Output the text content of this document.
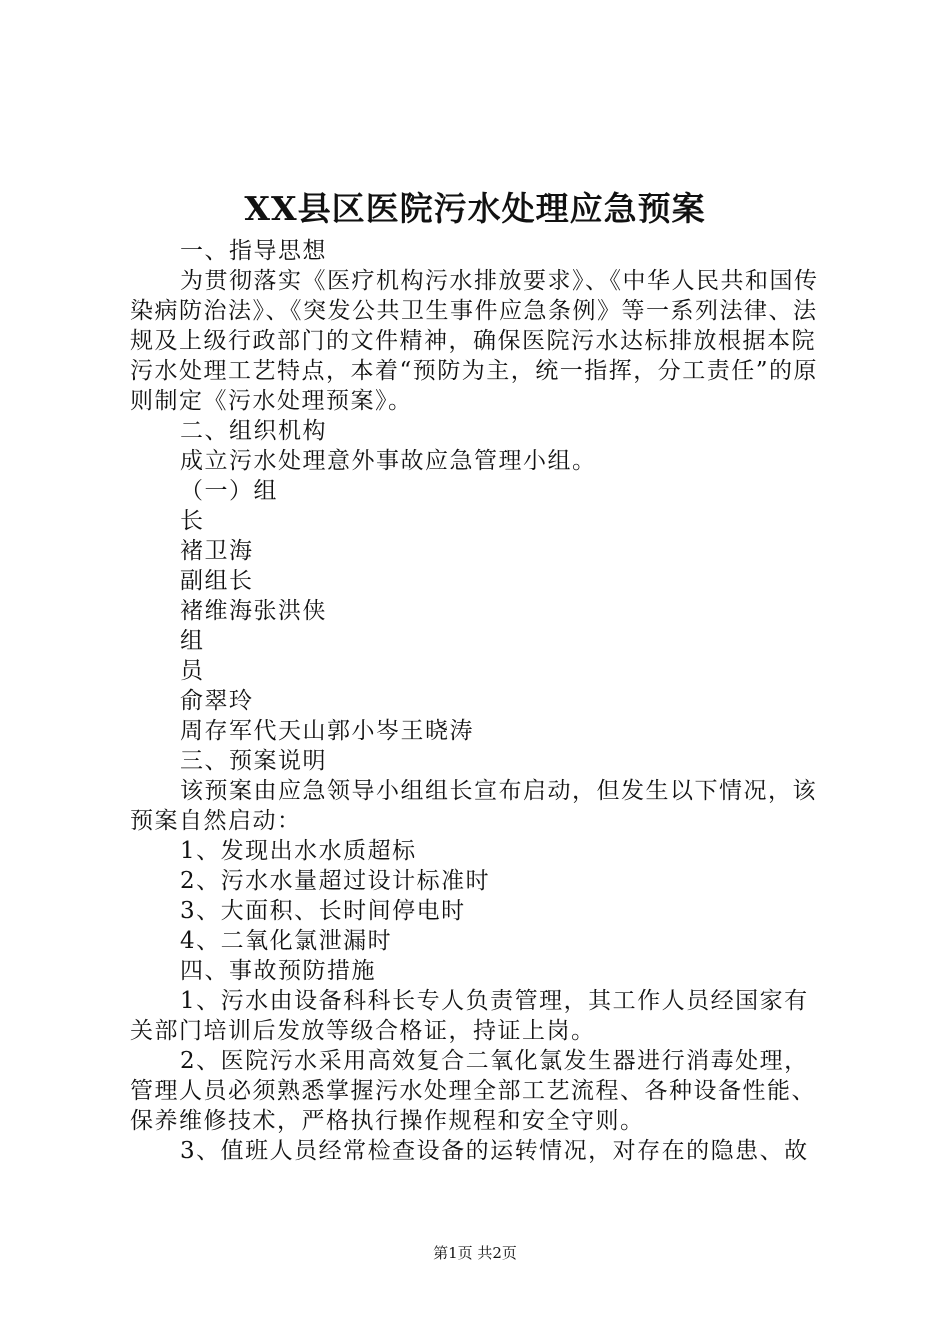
XX县区医院污水处理应急预案

一、指导思想

为贯彻落实《医疗机构污水排放要求》、《中华人民共和国传染病防治法》、《突发公共卫生事件应急条例》等一系列法律、法规及上级行政部门的文件精神，确保医院污水达标排放根据本院污水处理工艺特点，本着“预防为主，统一指挥，分工责任”的原则制定《污水处理预案》。

二、组织机构

成立污水处理意外事故应急管理小组。

（一）组

长

褚卫海

副组长

褚维海张洪侠

组

员

俞翠玲

周存军代天山郭小岑王晓涛

三、预案说明

该预案由应急领导小组组长宣布启动，但发生以下情况，该预案自然启动：

1、发现出水水质超标

2、污水水量超过设计标准时

3、大面积、长时间停电时

4、二氧化氯泄漏时

四、事故预防措施

1、污水由设备科科长专人负责管理，其工作人员经国家有关部门培训后发放等级合格证，持证上岗。

2、医院污水采用高效复合二氧化氯发生器进行消毒处理，管理人员必须熟悉掌握污水处理全部工艺流程、各种设备性能、保养维修技术，严格执行操作规程和安全守则。

3、值班人员经常检查设备的运转情况，对存在的隐患、故

第1页 共2页
